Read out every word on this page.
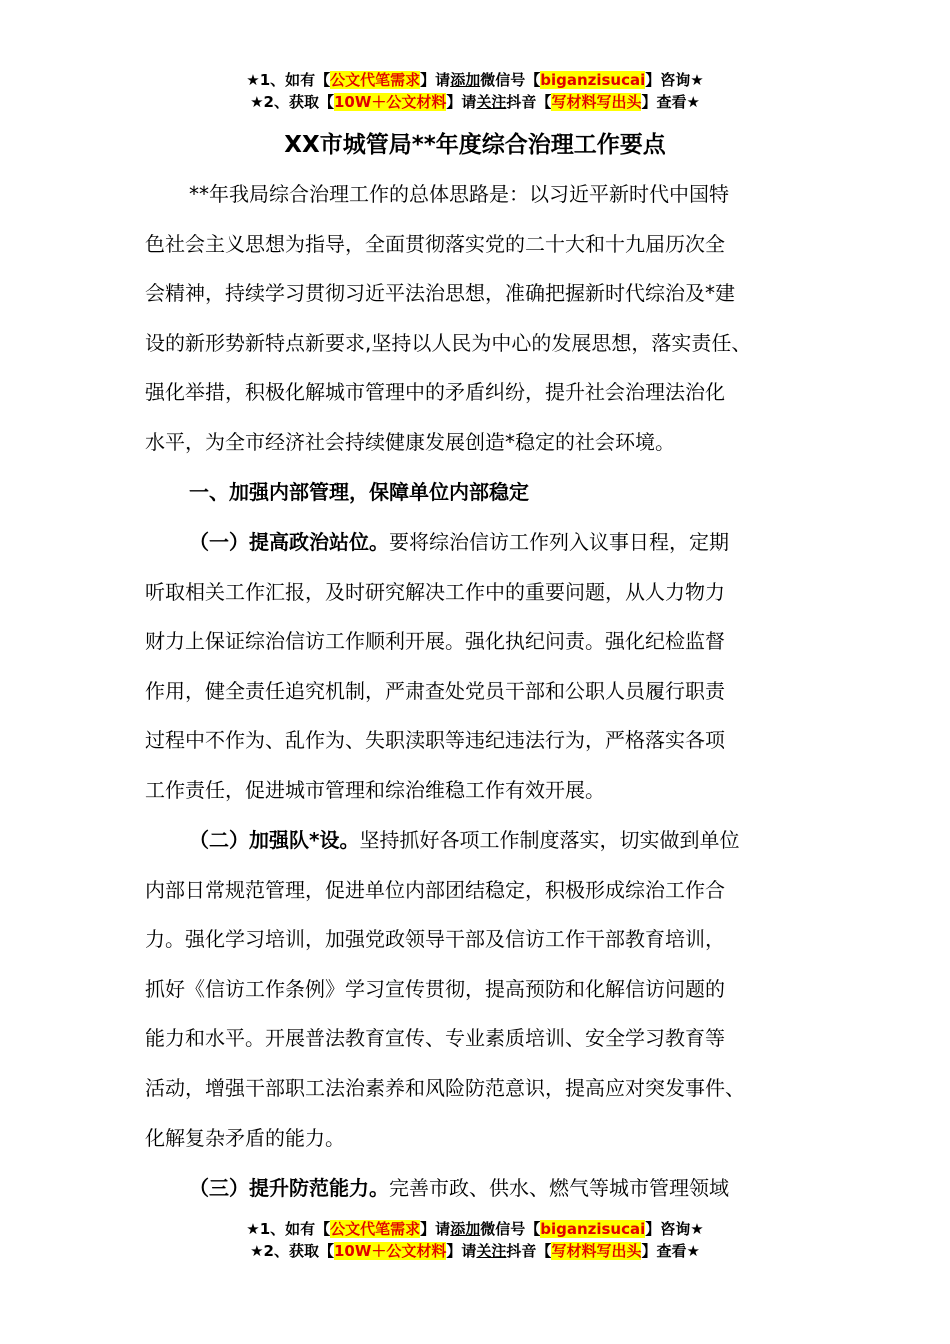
★1、如有【公文代笔需求】请添加微信号【biganzisucai】咨询★
★2、获取【10W＋公文材料】请关注抖音【写材料写出头】查看★
XX市城管局**年度综合治理工作要点
**年我局综合治理工作的总体思路是：以习近平新时代中国特
色社会主义思想为指导，全面贯彻落实党的二十大和十九届历次全
会精神，持续学习贯彻习近平法治思想，准确把握新时代综治及*建
设的新形势新特点新要求,坚持以人民为中心的发展思想，落实责任、
强化举措，积极化解城市管理中的矛盾纠纷，提升社会治理法治化
水平，为全市经济社会持续健康发展创造*稳定的社会环境。
一、加强内部管理，保障单位内部稳定
（一）提高政治站位。要将综治信访工作列入议事日程，定期
听取相关工作汇报，及时研究解决工作中的重要问题，从人力物力
财力上保证综治信访工作顺利开展。强化执纪问责。强化纪检监督
作用，健全责任追究机制，严肃查处党员干部和公职人员履行职责
过程中不作为、乱作为、失职渎职等违纪违法行为，严格落实各项
工作责任，促进城市管理和综治维稳工作有效开展。
（二）加强队*设。坚持抓好各项工作制度落实，切实做到单位
内部日常规范管理，促进单位内部团结稳定，积极形成综治工作合
力。强化学习培训，加强党政领导干部及信访工作干部教育培训，
抓好《信访工作条例》学习宣传贯彻，提高预防和化解信访问题的
能力和水平。开展普法教育宣传、专业素质培训、安全学习教育等
活动，增强干部职工法治素养和风险防范意识，提高应对突发事件、
化解复杂矛盾的能力。
（三）提升防范能力。完善市政、供水、燃气等城市管理领域
★1、如有【公文代笔需求】请添加微信号【biganzisucai】咨询★
★2、获取【10W＋公文材料】请关注抖音【写材料写出头】查看★
